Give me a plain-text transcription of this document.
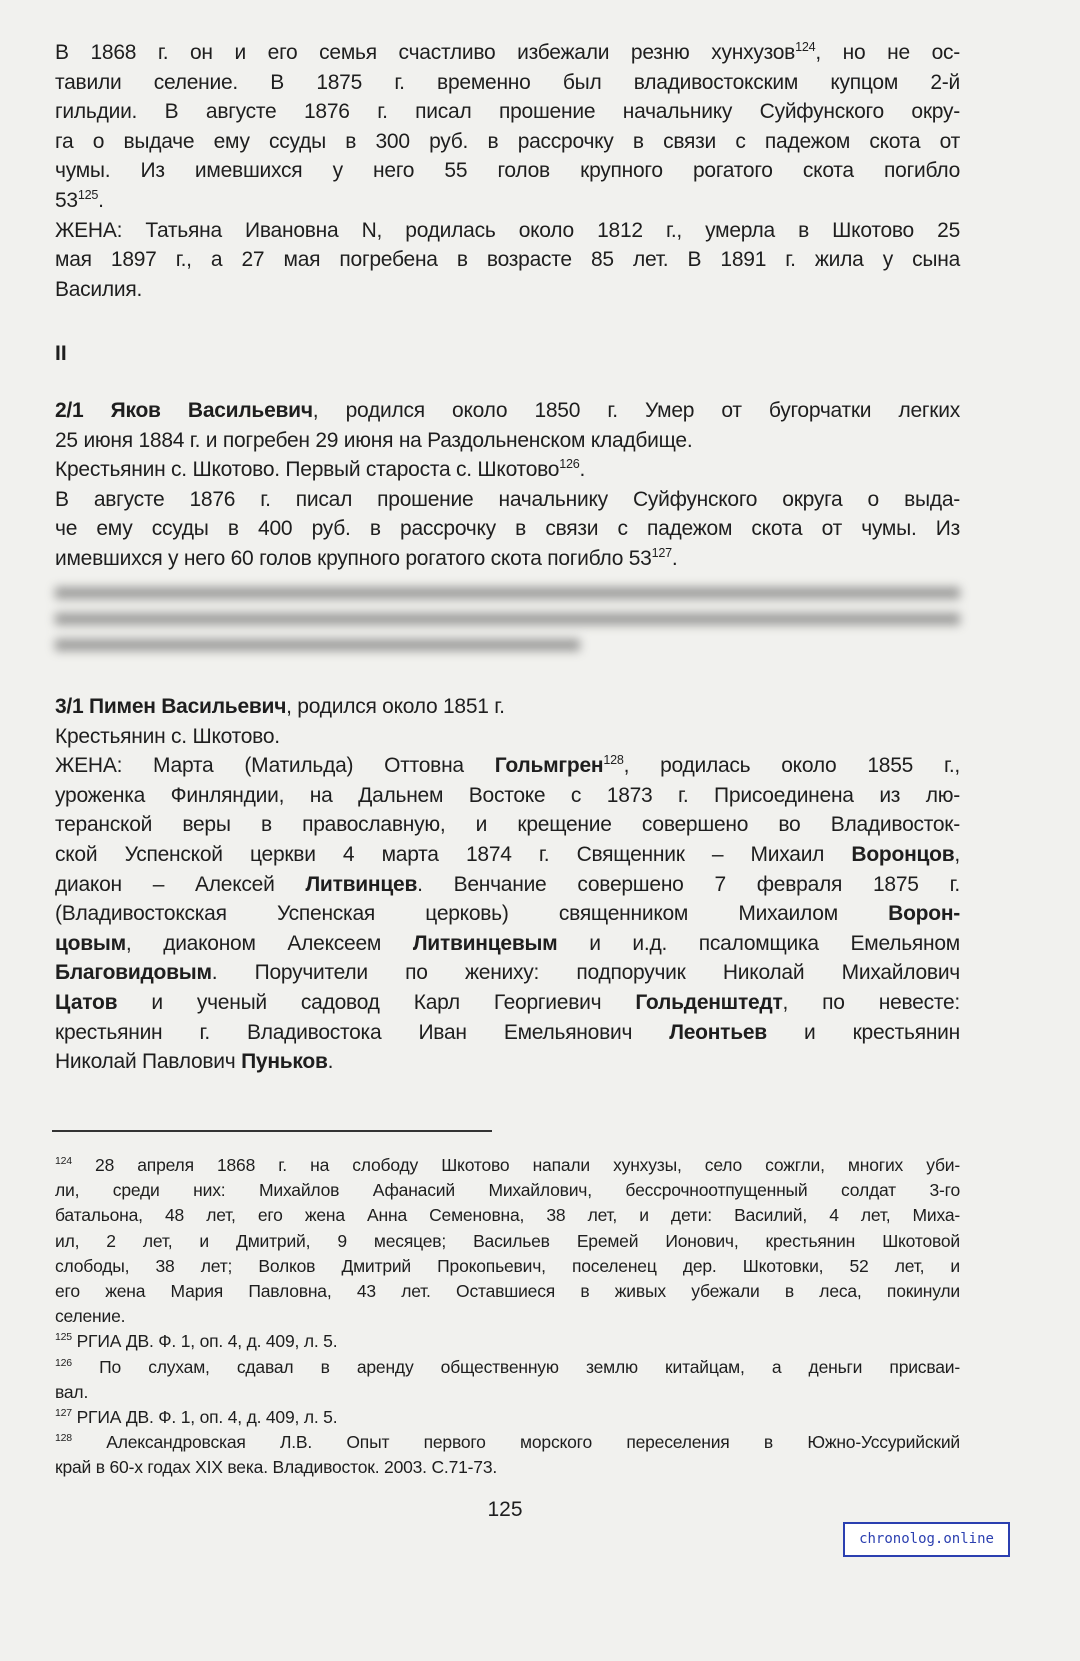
В 1868 г. он и его семья счастливо избежали резню хунхузов$^{124}$, но не ос-
тавили селение. В 1875 г. временно был владивостокским купцом 2-й
гильдии. В августе 1876 г. писал прошение начальнику Суйфунского окру-
га о выдаче ему ссуды в 300 руб. в рассрочку в связи с падежом скота от
чумы. Из имевшихся у него 55 голов крупного рогатого скота погибло
$53^{125}$.
ЖЕНА: Татьяна Ивановна N, родилась около 1812 г., умерла в Шкотово 25
мая 1897 г., а 27 мая погребена в возрасте 85 лет. В 1891 г. жила у сына
Василия.
II
2/1 Яков Васильевич, родился около 1850 г. Умер от бугорчатки легких
25 июня 1884 г. и погребен 29 июня на Раздольненском кладбище.
Крестьянин с. Шкотово. Первый староста с. Шкотово$^{126}$.
В августе 1876 г. писал прошение начальнику Суйфунского округа о выда-
че ему ссуды в 400 руб. в рассрочку в связи с падежом скота от чумы. Из
имевшихся у него 60 голов крупного рогатого скота погибло $53^{127}$.
3/1 Пимен Васильевич, родился около 1851 г.
Крестьянин с. Шкотово.
ЖЕНА: Марта (Матильда) Оттовна Гольмгрен$^{128}$, родилась около 1855 г.,
уроженка Финляндии, на Дальнем Востоке с 1873 г. Присоединена из лю-
теранской веры в православную, и крещение совершено во Владивосток-
ской Успенской церкви 4 марта 1874 г. Священник – Михаил Воронцов,
диакон – Алексей Литвинцев. Венчание совершено 7 февраля 1875 г.
(Владивостокская Успенская церковь) священником Михаилом Ворон-
цовым, диаконом Алексеем Литвинцевым и и.д. псаломщика Емельяном
Благовидовым. Поручители по жениху: подпоручик Николай Михайлович
Цатов и ученый садовод Карл Георгиевич Гольденштедт, по невесте:
крестьянин г. Владивостока Иван Емельянович Леонтьев и крестьянин
Николай Павлович Пуньков.
$^{124}$ 28 апреля 1868 г. на слободу Шкотово напали хунхузы, село сожгли, многих уби-
ли, среди них: Михайлов Афанасий Михайлович, бессрочноотпущенный солдат 3-го
батальона, 48 лет, его жена Анна Семеновна, 38 лет, и дети: Василий, 4 лет, Миха-
ил, 2 лет, и Дмитрий, 9 месяцев; Васильев Еремей Ионович, крестьянин Шкотовой
слободы, 38 лет; Волков Дмитрий Прокопьевич, поселенец дер. Шкотовки, 52 лет, и
его жена Мария Павловна, 43 лет. Оставшиеся в живых убежали в леса, покинули
селение.
$^{125}$ РГИА ДВ. Ф. 1, оп. 4, д. 409, л. 5.
$^{126}$ По слухам, сдавал в аренду общественную землю китайцам, а деньги присваи-
вал.
$^{127}$ РГИА ДВ. Ф. 1, оп. 4, д. 409, л. 5.
$^{128}$ Александровская Л.В. Опыт первого морского переселения в Южно-Уссурийский
край в 60-х годах XIX века. Владивосток. 2003. С.71-73.
125
chronolog.online
